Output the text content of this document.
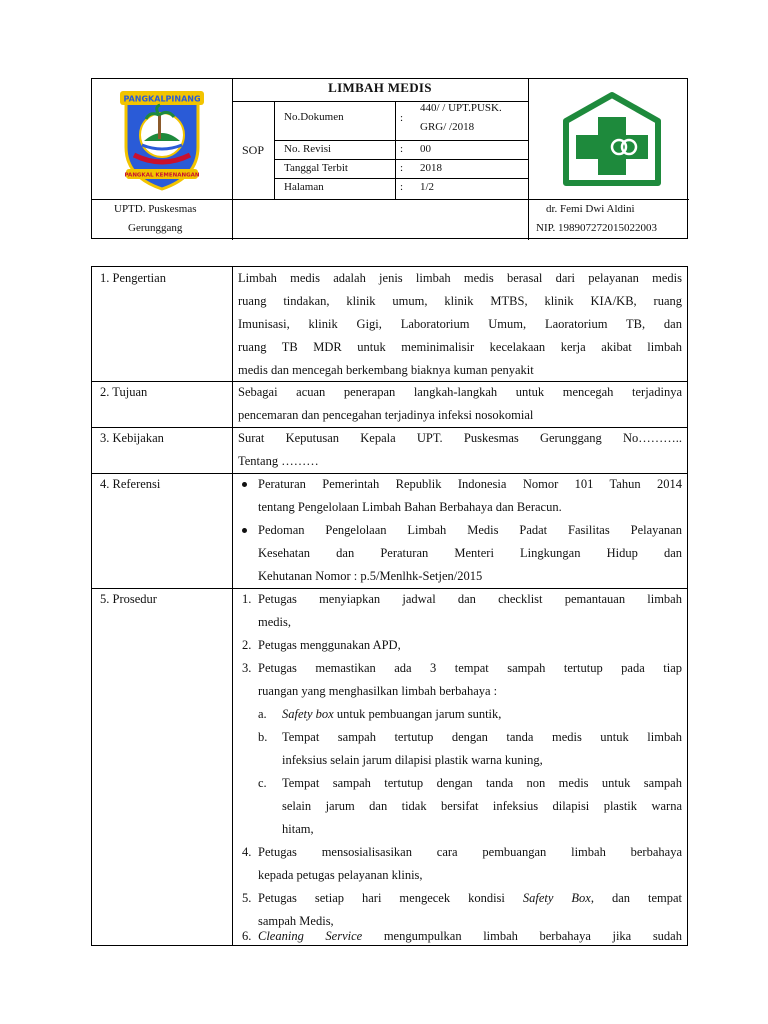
LIMBAH MEDIS
SOP
No.Dokumen	:
440/ / UPT.PUSK.
GRG/ /2018
No. Revisi	: 00
Tanggal Terbit	: 2018
Halaman	: 1/2
UPTD. Puskesmas
Gerunggang
dr. Femi Dwi Aldini
NIP. 198907272015022003
PANGKALPINANG
PANGKAL KEMENANGAN
1. Pengertian	Limbah medis adalah jenis limbah medis berasal dari pelayanan medis
ruang tindakan, klinik umum, klinik MTBS, klinik KIA/KB, ruang
Imunisasi, klinik Gigi, Laboratorium Umum, Laoratorium TB, dan
ruang TB MDR untuk meminimalisir kecelakaan kerja akibat limbah
medis dan mencegah berkembang biaknya kuman penyakit
2. Tujuan	Sebagai acuan penerapan langkah-langkah untuk mencegah terjadinya
pencemaran dan pencegahan terjadinya infeksi nosokomial
3. Kebijakan	Surat Keputusan Kepala UPT. Puskesmas Gerunggang No………..
Tentang ………
4. Referensi	Peraturan Pemerintah Republik Indonesia Nomor 101 Tahun 2014
tentang Pengelolaan Limbah Bahan Berbahaya dan Beracun.
Pedoman Pengelolaan Limbah Medis Padat Fasilitas Pelayanan
Kesehatan dan Peraturan Menteri Lingkungan Hidup dan
Kehutanan Nomor : p.5/Menlhk-Setjen/2015
5. Prosedur	1. Petugas menyiapkan jadwal dan checklist pemantauan limbah
medis,
2. Petugas menggunakan APD,
3. Petugas memastikan ada 3 tempat sampah tertutup pada tiap
ruangan yang menghasilkan limbah berbahaya :
a. Safety box untuk pembuangan jarum suntik,
b. Tempat sampah tertutup dengan tanda medis untuk limbah
infeksius selain jarum dilapisi plastik warna kuning,
c. Tempat sampah tertutup dengan tanda non medis untuk sampah
selain jarum dan tidak bersifat infeksius dilapisi plastik warna
hitam,
4. Petugas mensosialisasikan cara pembuangan limbah berbahaya
kepada petugas pelayanan klinis,
5. Petugas setiap hari mengecek kondisi Safety Box, dan tempat
sampah Medis,
6. Cleaning Service mengumpulkan limbah berbahaya jika sudah
